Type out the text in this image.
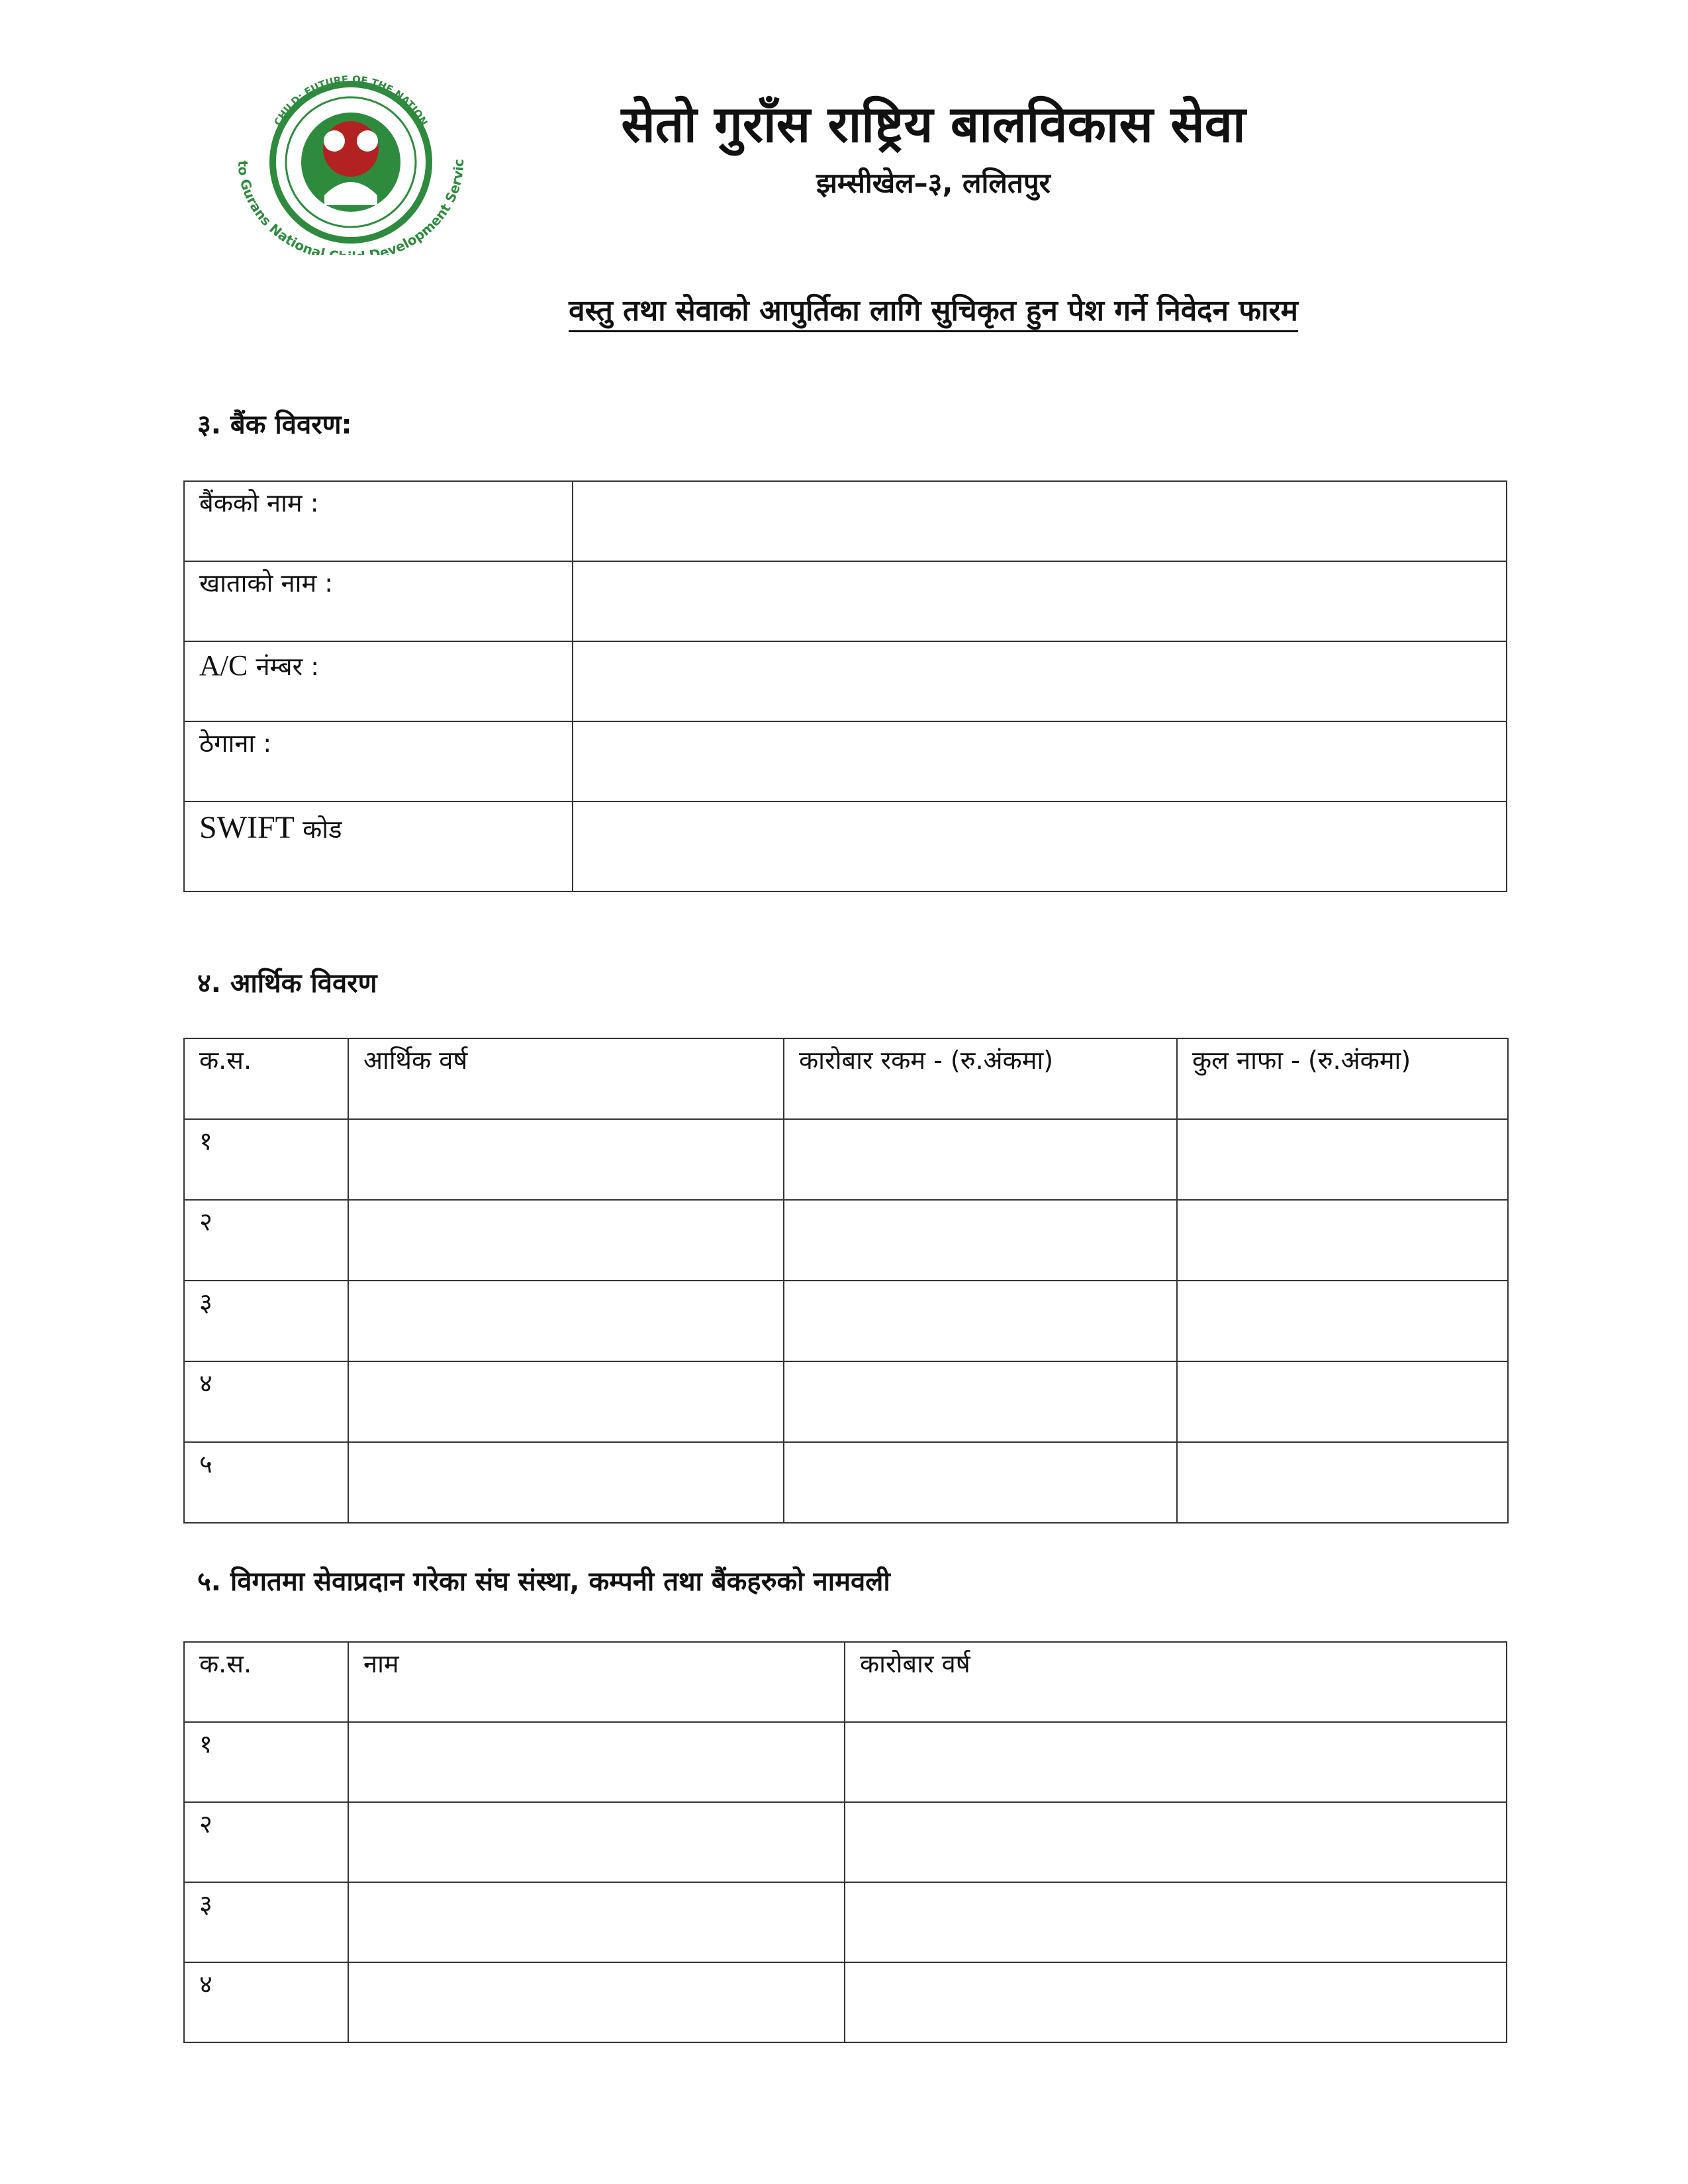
CHILD: FUTURE OF THE NATION
to Gurans National Development Servic
सेतो गुराँस राष्ट्रिय बालविकास सेवा
झम्सीखेल–३, ललितपुर
वस्तु तथा सेवाको आपुर्तिका लागि सुचिकृत हुन पेश गर्ने निवेदन फारम
३. बैंक विवरण:
बैंकको नाम :	
खाताको नाम :	
A/C नंम्बर :	
ठेगाना :	
SWIFT कोड	
४. आर्थिक विवरण
क.स.	आर्थिक वर्ष	कारोबार रकम - (रु.अंकमा)	कुल नाफा - (रु.अंकमा)
१			
२			
३			
४			
५			
५. विगतमा सेवाप्रदान गरेका संघ संस्था, कम्पनी तथा बैंकहरुको नामवली
क.स.	नाम	कारोबार वर्ष
१		
२		
३		
४		
